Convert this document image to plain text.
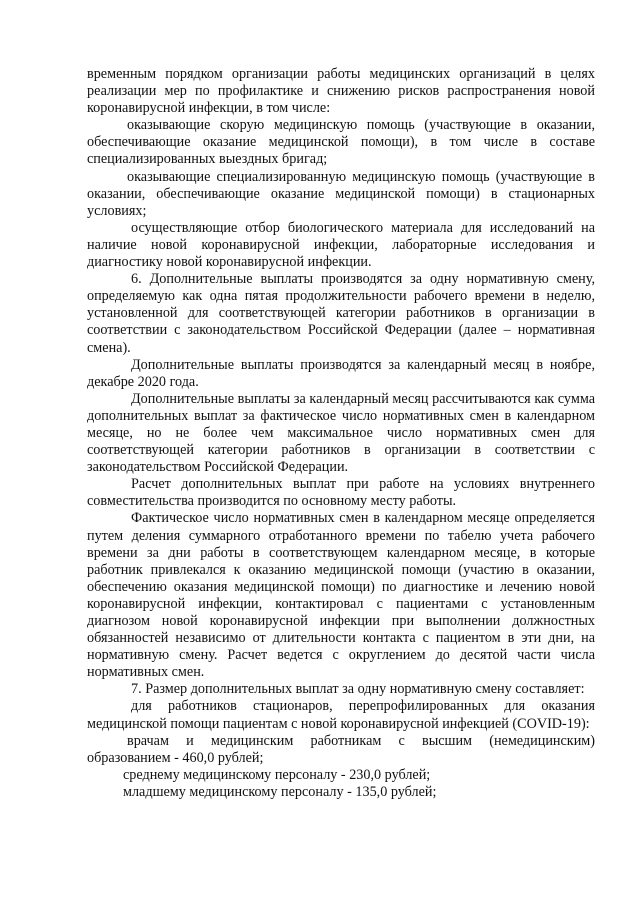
временным порядком организации работы медицинских организаций в целях реализации мер по профилактике и снижению рисков распространения новой коронавирусной инфекции, в том числе:

оказывающие скорую медицинскую помощь (участвующие в оказании, обеспечивающие оказание медицинской помощи), в том числе в составе специализированных выездных бригад;

оказывающие специализированную медицинскую помощь (участвующие в оказании, обеспечивающие оказание медицинской помощи) в стационарных условиях;

осуществляющие отбор биологического материала для исследований на наличие новой коронавирусной инфекции, лабораторные исследования и диагностику новой коронавирусной инфекции.

6. Дополнительные выплаты производятся за одну нормативную смену, определяемую как одна пятая продолжительности рабочего времени в неделю, установленной для соответствующей категории работников в организации в соответствии с законодательством Российской Федерации (далее – нормативная смена).

Дополнительные выплаты производятся за календарный месяц в ноябре, декабре 2020 года.

Дополнительные выплаты за календарный месяц рассчитываются как сумма дополнительных выплат за фактическое число нормативных смен в календарном месяце, но не более чем максимальное число нормативных смен для соответствующей категории работников в организации в соответствии с законодательством Российской Федерации.

Расчет дополнительных выплат при работе на условиях внутреннего совместительства производится по основному месту работы.

Фактическое число нормативных смен в календарном месяце определяется путем деления суммарного отработанного времени по табелю учета рабочего времени за дни работы в соответствующем календарном месяце, в которые работник привлекался к оказанию медицинской помощи (участию в оказании, обеспечению оказания медицинской помощи) по диагностике и лечению новой коронавирусной инфекции, контактировал с пациентами с установленным диагнозом новой коронавирусной инфекции при выполнении должностных обязанностей независимо от длительности контакта с пациентом в эти дни, на нормативную смену. Расчет ведется с округлением до десятой части числа нормативных смен.

7. Размер дополнительных выплат за одну нормативную смену составляет:

для работников стационаров, перепрофилированных для оказания медицинской помощи пациентам с новой коронавирусной инфекцией (COVID-19):

врачам и медицинским работникам с высшим (немедицинским) образованием - 460,0 рублей;

среднему медицинскому персоналу - 230,0 рублей;

младшему медицинскому персоналу - 135,0 рублей;
